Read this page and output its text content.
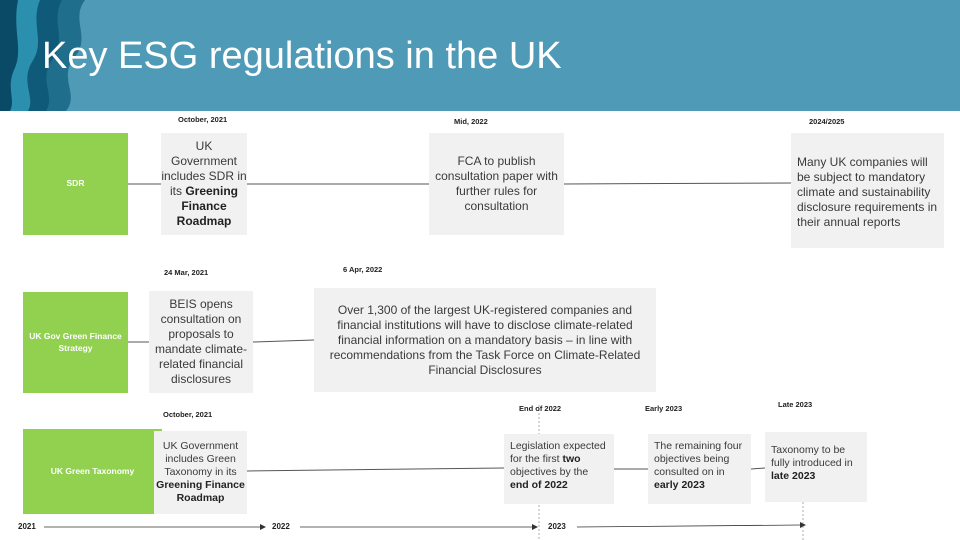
Key ESG regulations in the UK
SDR
October, 2021
UK Government includes SDR in its Greening Finance Roadmap
Mid, 2022
FCA to publish consultation paper with further rules for consultation
2024/2025
Many UK companies will be subject to mandatory climate and sustainability disclosure requirements in their annual reports
24 Mar, 2021
UK Gov Green Finance Strategy
BEIS opens consultation on proposals to mandate climate-related financial disclosures
6 Apr, 2022
Over 1,300 of the largest UK-registered companies and financial institutions will have to disclose climate-related financial information on a mandatory basis – in line with recommendations from the Task Force on Climate-Related Financial Disclosures
October, 2021
UK Green Taxonomy
UK Government includes Green Taxonomy in its Greening Finance Roadmap
End of 2022
Legislation expected for the first two objectives by the end of 2022
Early 2023
The remaining four objectives being consulted on in early 2023
Late 2023
Taxonomy to be fully introduced in late 2023
2021	2022	2023
